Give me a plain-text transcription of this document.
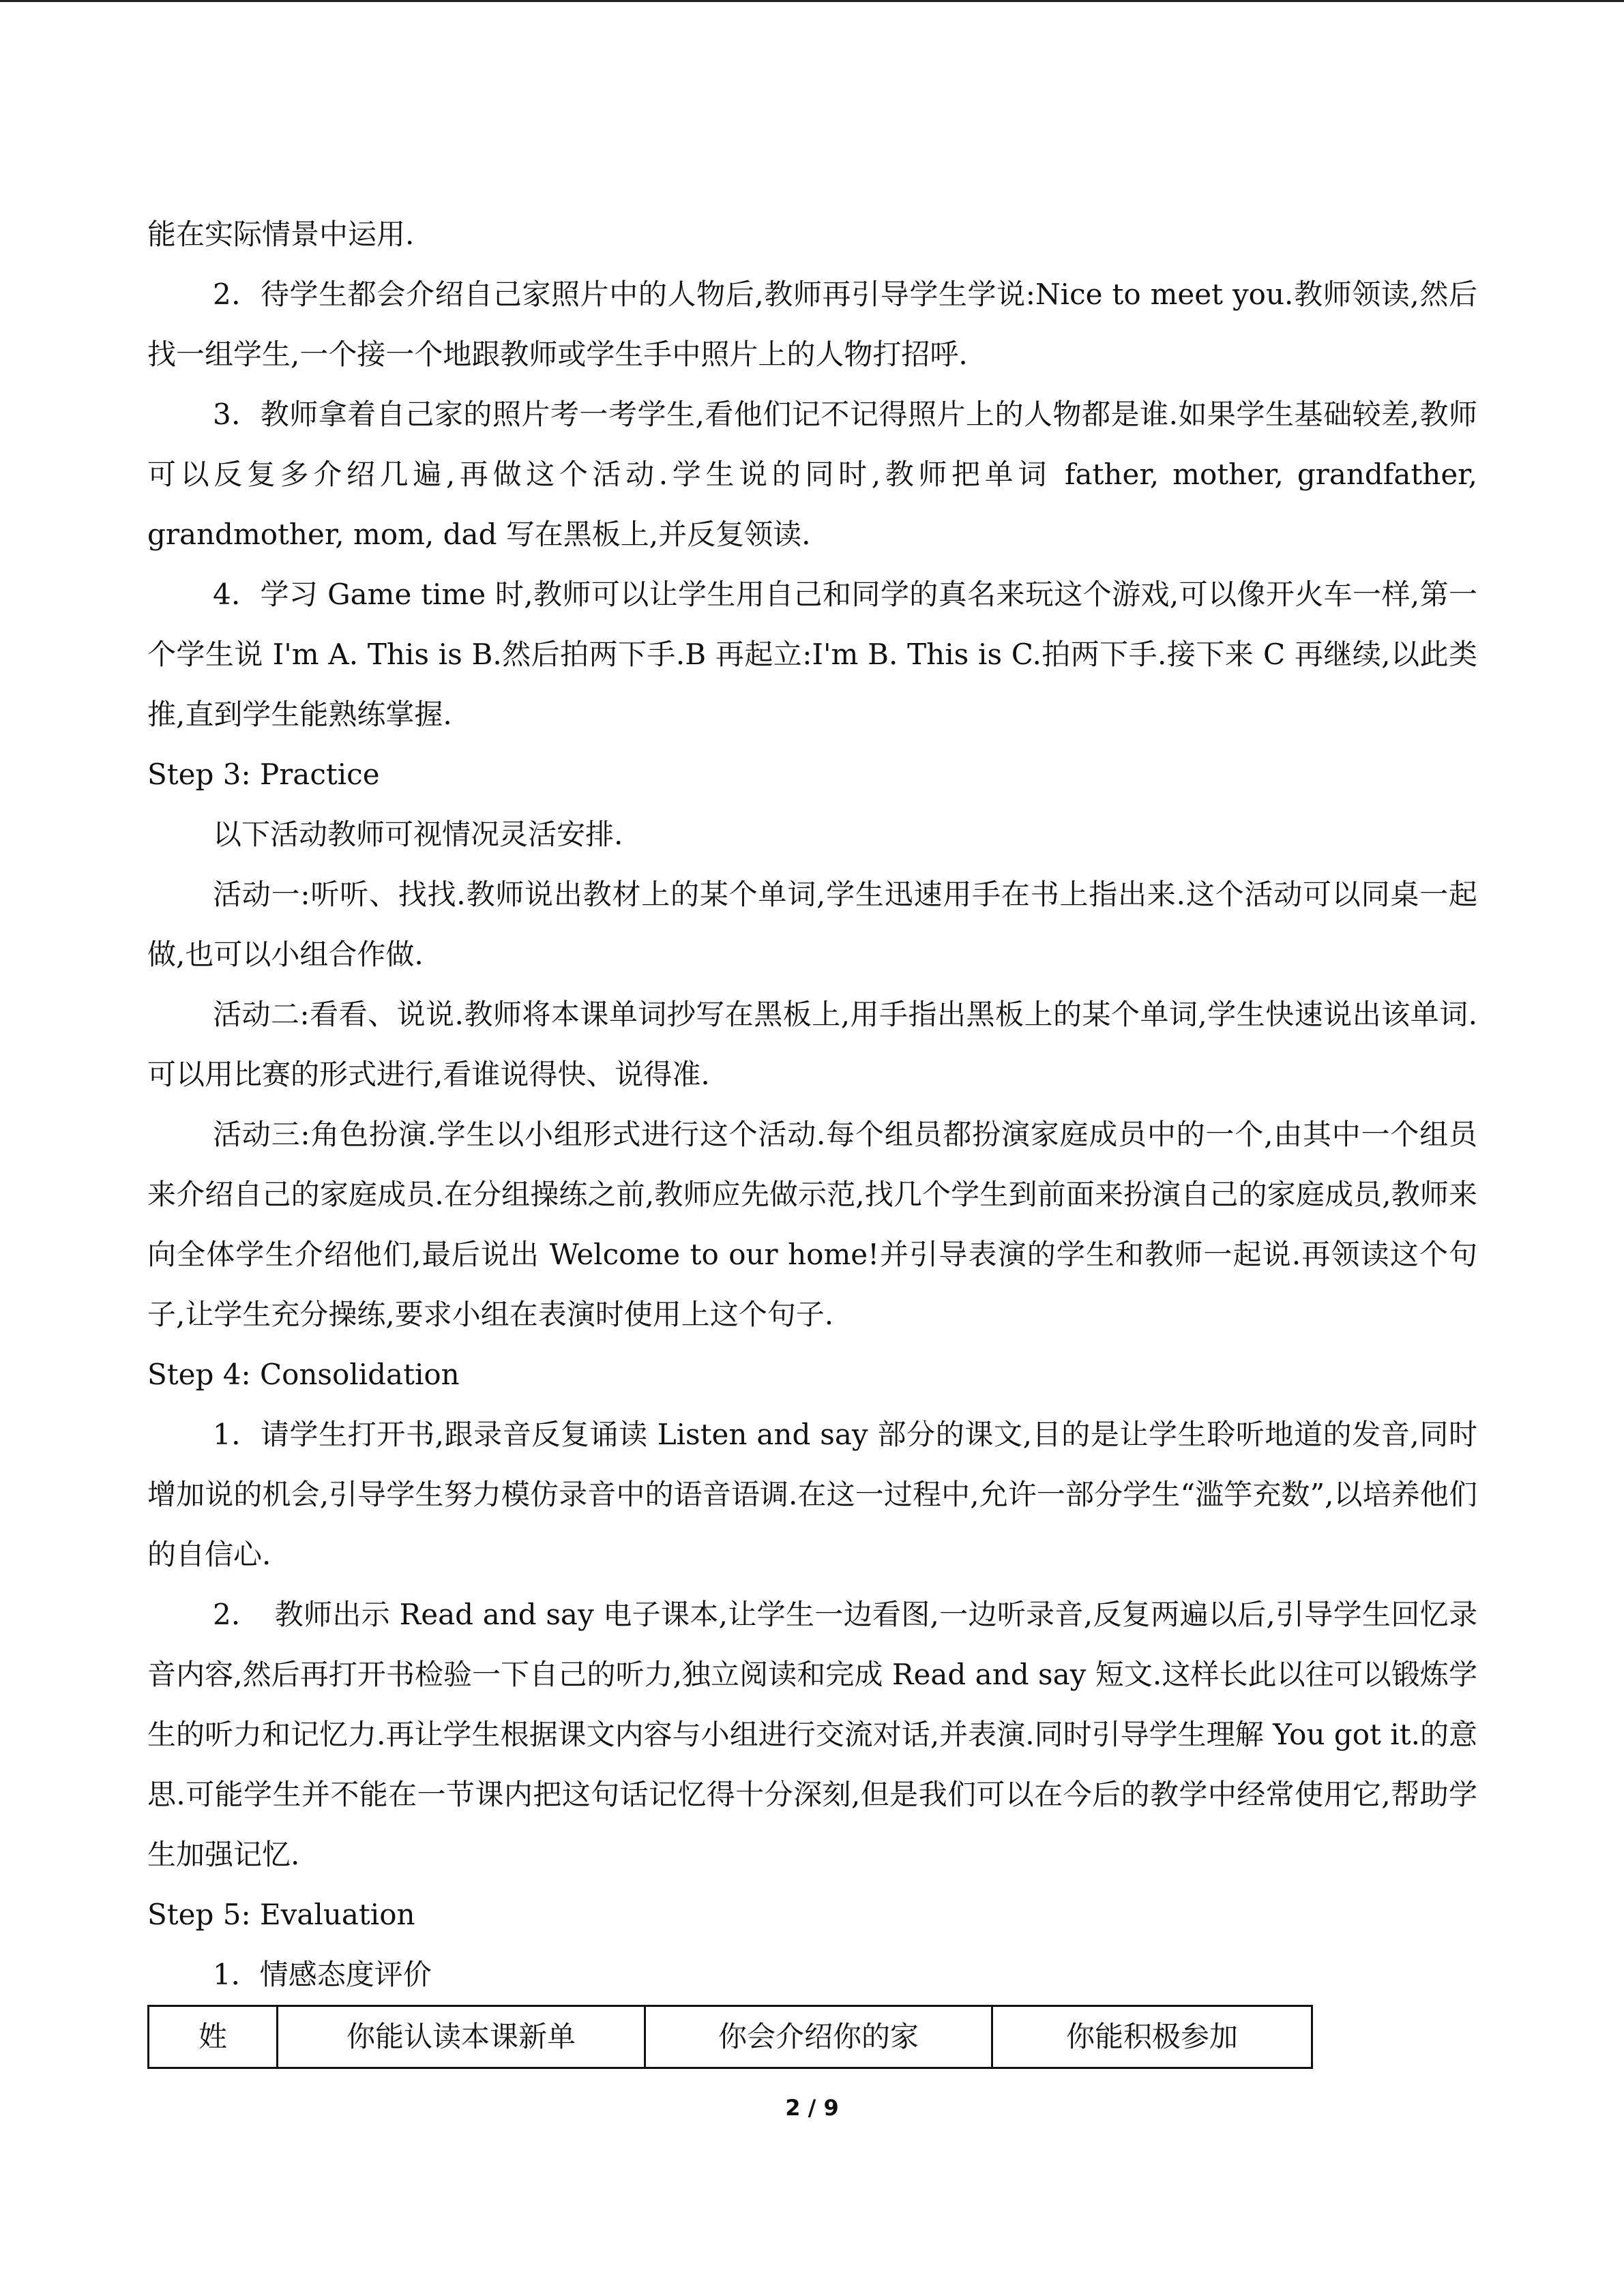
能在实际情景中运用.

2．待学生都会介绍自己家照片中的人物后,教师再引导学生学说:Nice to meet you.教师领读,然后找一组学生,一个接一个地跟教师或学生手中照片上的人物打招呼.

3．教师拿着自己家的照片考一考学生,看他们记不记得照片上的人物都是谁.如果学生基础较差,教师可以反复多介绍几遍,再做这个活动.学生说的同时,教师把单词 father, mother, grandfather, grandmother, mom, dad 写在黑板上,并反复领读.

4．学习 Game time 时,教师可以让学生用自己和同学的真名来玩这个游戏,可以像开火车一样,第一个学生说 I'm A. This is B.然后拍两下手.B 再起立:I'm B. This is C.拍两下手.接下来 C 再继续,以此类推,直到学生能熟练掌握.

Step 3: Practice

以下活动教师可视情况灵活安排.

活动一:听听、找找.教师说出教材上的某个单词,学生迅速用手在书上指出来.这个活动可以同桌一起做,也可以小组合作做.

活动二:看看、说说.教师将本课单词抄写在黑板上,用手指出黑板上的某个单词,学生快速说出该单词.可以用比赛的形式进行,看谁说得快、说得准.

活动三:角色扮演.学生以小组形式进行这个活动.每个组员都扮演家庭成员中的一个,由其中一个组员来介绍自己的家庭成员.在分组操练之前,教师应先做示范,找几个学生到前面来扮演自己的家庭成员,教师来向全体学生介绍他们,最后说出 Welcome to our home!并引导表演的学生和教师一起说.再领读这个句子,让学生充分操练,要求小组在表演时使用上这个句子.

Step 4: Consolidation

1．请学生打开书,跟录音反复诵读 Listen and say 部分的课文,目的是让学生聆听地道的发音,同时增加说的机会,引导学生努力模仿录音中的语音语调.在这一过程中,允许一部分学生“滥竽充数”,以培养他们的自信心.

2．　教师出示 Read and say 电子课本,让学生一边看图,一边听录音,反复两遍以后,引导学生回忆录音内容,然后再打开书检验一下自己的听力,独立阅读和完成 Read and say 短文.这样长此以往可以锻炼学生的听力和记忆力.再让学生根据课文内容与小组进行交流对话,并表演.同时引导学生理解 You got it.的意思.可能学生并不能在一节课内把这句话记忆得十分深刻,但是我们可以在今后的教学中经常使用它,帮助学生加强记忆.

Step 5: Evaluation

1．情感态度评价

姓	你能认读本课新单	你会介绍你的家	你能积极参加
2 / 9
